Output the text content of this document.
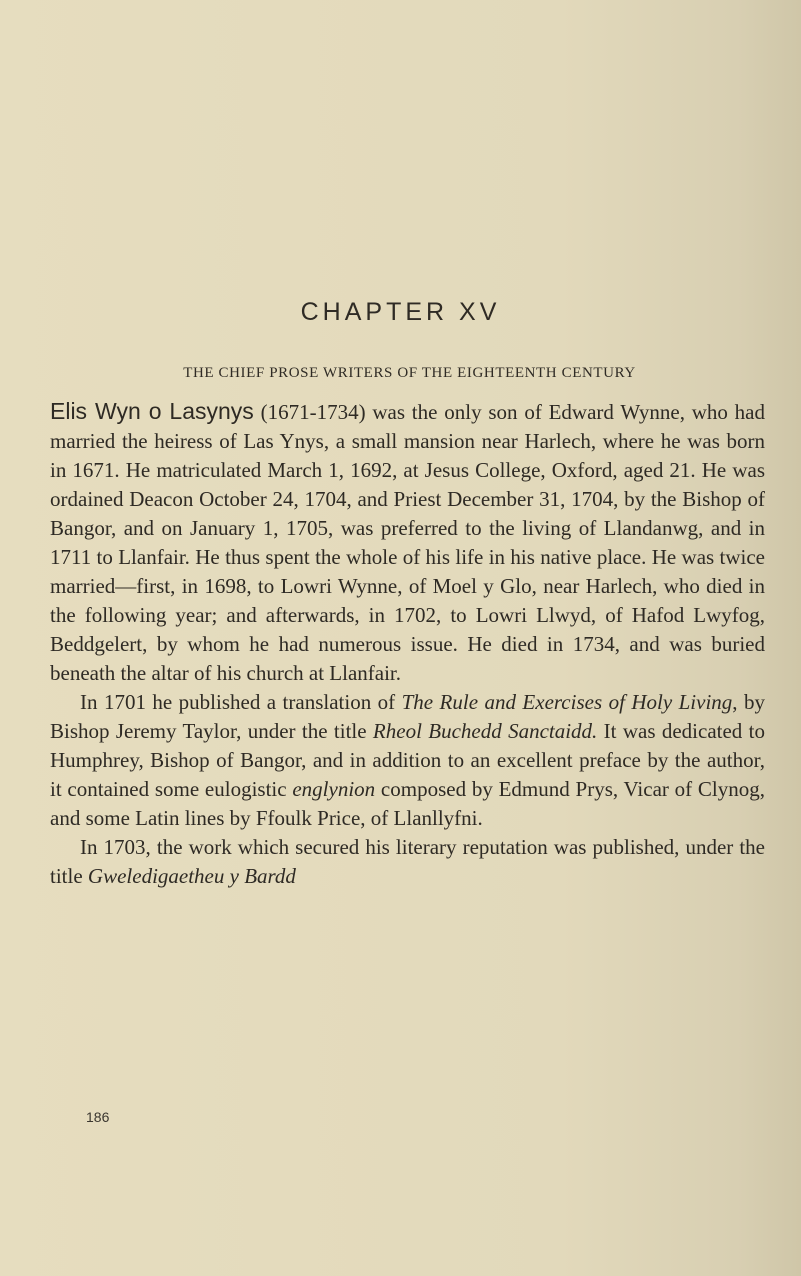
CHAPTER XV
THE CHIEF PROSE WRITERS OF THE EIGHTEENTH CENTURY

Elis Wyn o Lasynys (1671-1734) was the only son of Edward Wynne, who had married the heiress of Las Ynys, a small mansion near Harlech, where he was born in 1671. He matriculated March 1, 1692, at Jesus College, Oxford, aged 21. He was ordained Deacon October 24, 1704, and Priest December 31, 1704, by the Bishop of Bangor, and on January 1, 1705, was preferred to the living of Llandanwg, and in 1711 to Llanfair. He thus spent the whole of his life in his native place. He was twice married—first, in 1698, to Lowri Wynne, of Moel y Glo, near Harlech, who died in the following year; and afterwards, in 1702, to Lowri Llwyd, of Hafod Lwyfog, Beddgelert, by whom he had numerous issue. He died in 1734, and was buried beneath the altar of his church at Llanfair.

In 1701 he published a translation of The Rule and Exercises of Holy Living, by Bishop Jeremy Taylor, under the title Rheol Buchedd Sanctaidd. It was dedicated to Humphrey, Bishop of Bangor, and in addition to an excellent preface by the author, it contained some eulogistic englynion composed by Edmund Prys, Vicar of Clynog, and some Latin lines by Ffoulk Price, of Llanllyfni.

In 1703, the work which secured his literary reputation was published, under the title Gweledigaetheu y Bardd

186
